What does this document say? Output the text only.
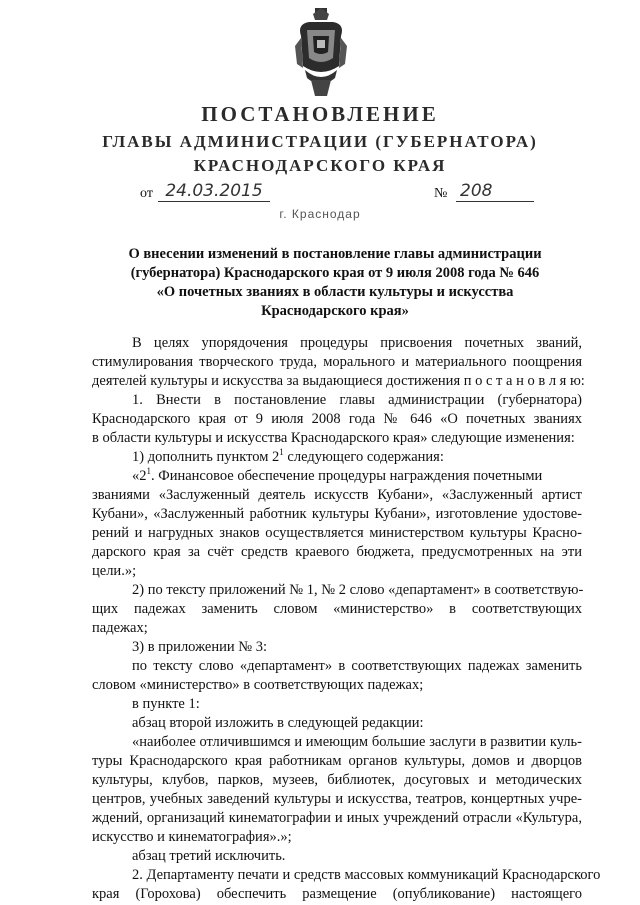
ПОСТАНОВЛЕНИЕ
ГЛАВЫ АДМИНИСТРАЦИИ (ГУБЕРНАТОРА)
КРАСНОДАРСКОГО КРАЯ
от 24.03.2015	№ 208
г. Краснодар
О внесении изменений в постановление главы администрации
(губернатора) Краснодарского края от 9 июля 2008 года № 646
«О почетных званиях в области культуры и искусства
Краснодарского края»
В целях упорядочения процедуры присвоения почетных званий,
стимулирования творческого труда, морального и материального поощрения
деятелей культуры и искусства за выдающиеся достижения п о с т а н о в л я ю:
1. Внести в постановление главы администрации (губернатора)
Краснодарского края от 9 июля 2008 года № 646 «О почетных званиях
в области культуры и искусства Краснодарского края» следующие изменения:
1) дополнить пунктом $2^1$ следующего содержания:
«$2^1$. Финансовое обеспечение процедуры награждения почетными
званиями «Заслуженный деятель искусств Кубани», «Заслуженный артист
Кубани», «Заслуженный работник культуры Кубани», изготовление удостове-
рений и нагрудных знаков осуществляется министерством культуры Красно-
дарского края за счёт средств краевого бюджета, предусмотренных на эти
цели.»;
2) по тексту приложений № 1, № 2 слово «департамент» в соответствую-
щих падежах заменить словом «министерство» в соответствующих
падежах;
3) в приложении № 3:
по тексту слово «департамент» в соответствующих падежах заменить
словом «министерство» в соответствующих падежах;
в пункте 1:
абзац второй изложить в следующей редакции:
«наиболее отличившимся и имеющим большие заслуги в развитии куль-
туры Краснодарского края работникам органов культуры, домов и дворцов
культуры, клубов, парков, музеев, библиотек, досуговых и методических
центров, учебных заведений культуры и искусства, театров, концертных учре-
ждений, организаций кинематографии и иных учреждений отрасли «Культура,
искусство и кинематография».»;
абзац третий исключить.
2. Департаменту печати и средств массовых коммуникаций Краснодарского
края (Горохова) обеспечить размещение (опубликование) настоящего
